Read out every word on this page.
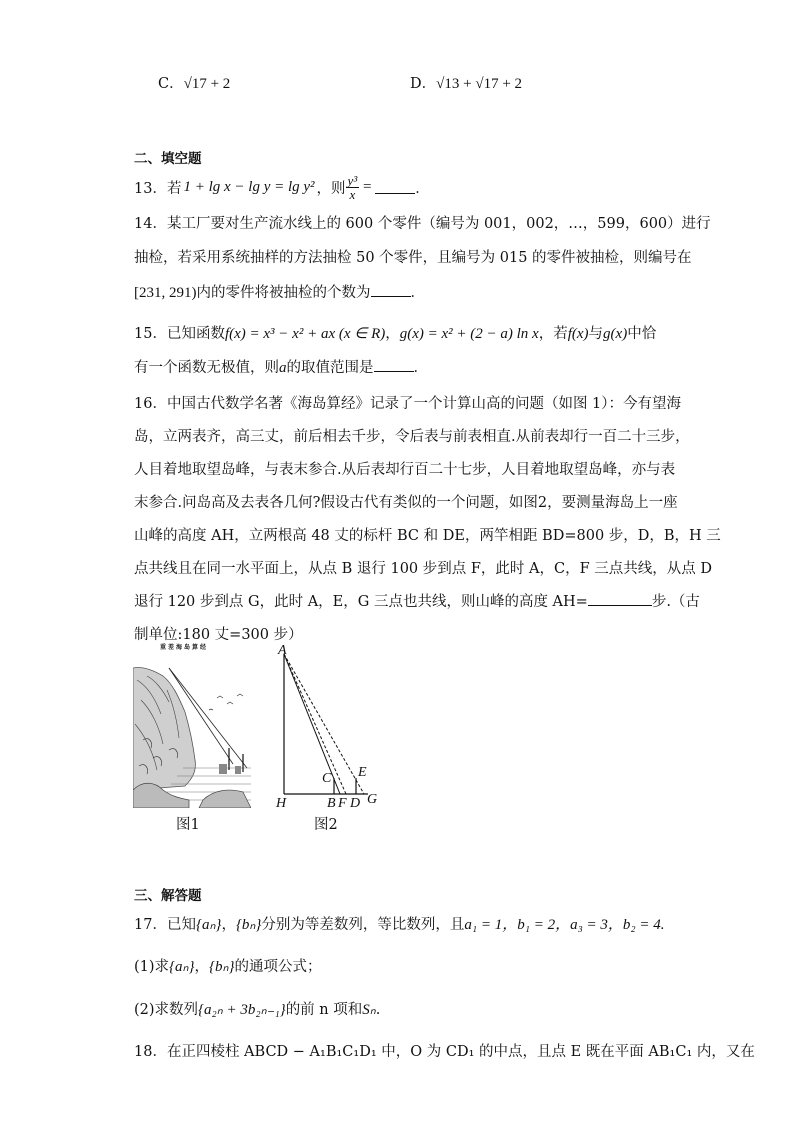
C．√17 + 2	D．√13 + √17 + 2
二、填空题
13．若 1 + lg x − lg y = lg y² ，则 $\frac{\text{y³}}{x}$ =	．
14．某工厂要对生产流水线上的 600 个零件（编号为 001，002，…，599，600）进行
抽检，若采用系统抽样的方法抽检 50 个零件，且编号为 015 的零件被抽检，则编号在
[231, 291)内的零件将被抽检的个数为	．
15．已知函数f(x) = x³ − x² + ax (x ∈ R)，g(x) = x² + (2 − a) ln x，若f(x)与g(x)中恰
有一个函数无极值，则a的取值范围是	．
16．中国古代数学名著《海岛算经》记录了一个计算山高的问题（如图 1）：今有望海
岛，立两表齐，高三丈，前后相去千步，令后表与前表相直.从前表却行一百二十三步，
人目着地取望岛峰，与表末参合.从后表却行百二十七步，人目着地取望岛峰，亦与表
末参合.问岛高及去表各几何?假设古代有类似的一个问题，如图2，要测量海岛上一座
山峰的高度 AH，立两根高 48 丈的标杆 BC 和 DE，两竿相距 BD=800 步，D，B，H 三
点共线且在同一水平面上，从点 B 退行 100 步到点 F，此时 A，C，F 三点共线，从点 D
退行 120 步到点 G，此时 A，E，G 三点也共线，则山峰的高度 AH=	步.（古
制单位:180 丈=300 步）
重差海岛算经
图1
A
C E
H	B F D G
图2
三、解答题
17．已知{aₙ}，{bₙ}分别为等差数列，等比数列，且a₁ = 1，b₁ = 2，a₃ = 3，b₂ = 4.
(1)求{aₙ}，{bₙ}的通项公式；
(2)求数列{a₂ₙ + 3b₂ₙ₋₁}的前 n 项和Sₙ.
18．在正四棱柱 ABCD − A₁B₁C₁D₁ 中，O 为 CD₁ 的中点，且点 E 既在平面 AB₁C₁ 内，又在
